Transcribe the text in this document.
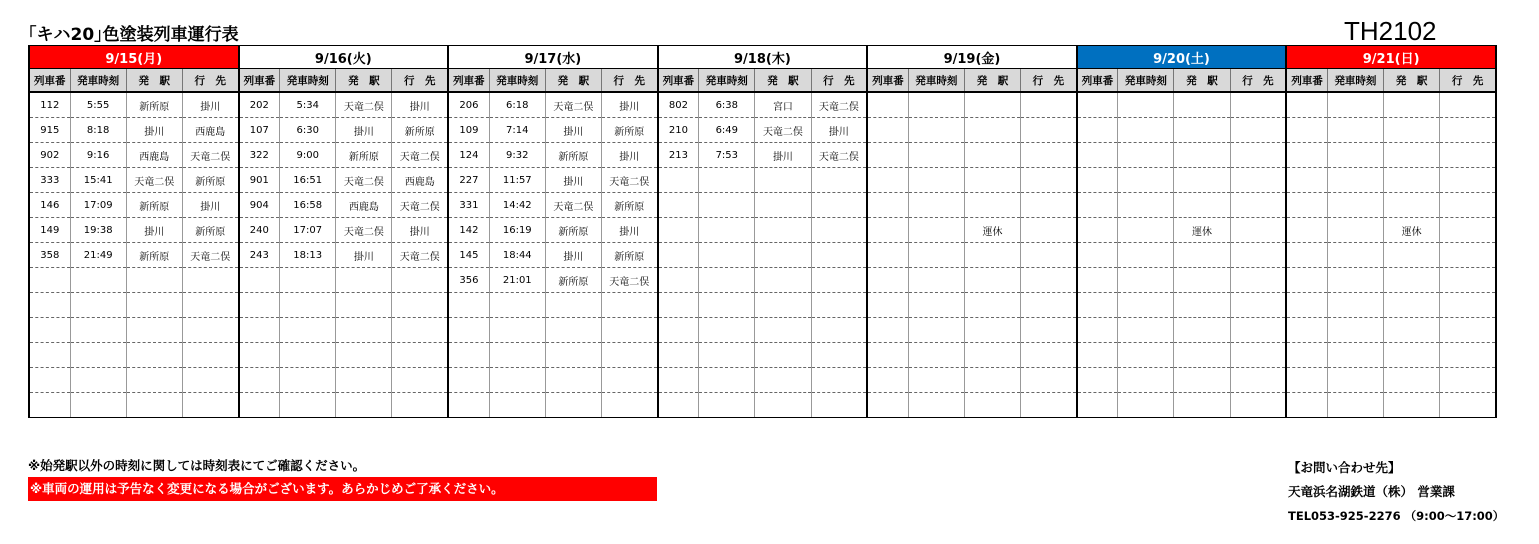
｢キハ20｣色塗装列車運行表	TH2102
9/15(月)				9/16(火)				9/17(水)				9/18(木)				9/19(金)				9/20(土)				9/21(日)			
列車番	発車時刻	発　駅	行　先	列車番	発車時刻	発　駅	行　先	列車番	発車時刻	発　駅	行　先	列車番	発車時刻	発　駅	行　先	列車番	発車時刻	発　駅	行　先	列車番	発車時刻	発　駅	行　先	列車番	発車時刻	発　駅	行　先
112	5:55	新所原	掛川	202	5:34	天竜二俣	掛川	206	6:18	天竜二俣	掛川	802	6:38	宮口	天竜二俣												
915	8:18	掛川	西鹿島	107	6:30	掛川	新所原	109	7:14	掛川	新所原	210	6:49	天竜二俣	掛川												
902	9:16	西鹿島	天竜二俣	322	9:00	新所原	天竜二俣	124	9:32	新所原	掛川	213	7:53	掛川	天竜二俣												
333	15:41	天竜二俣	新所原	901	16:51	天竜二俣	西鹿島	227	11:57	掛川	天竜二俣																
146	17:09	新所原	掛川	904	16:58	西鹿島	天竜二俣	331	14:42	天竜二俣	新所原																
149	19:38	掛川	新所原	240	17:07	天竜二俣	掛川	142	16:19	新所原	掛川							運休				運休				運休	
358	21:49	新所原	天竜二俣	243	18:13	掛川	天竜二俣	145	18:44	掛川	新所原																
								356	21:01	新所原	天竜二俣																

※始発駅以外の時刻に関しては時刻表にてご確認ください。
※車両の運用は予告なく変更になる場合がございます。あらかじめご了承ください。
【お問い合わせ先】
天竜浜名湖鉄道（株） 営業課
TEL053-925-2276 （9:00～17:00）
